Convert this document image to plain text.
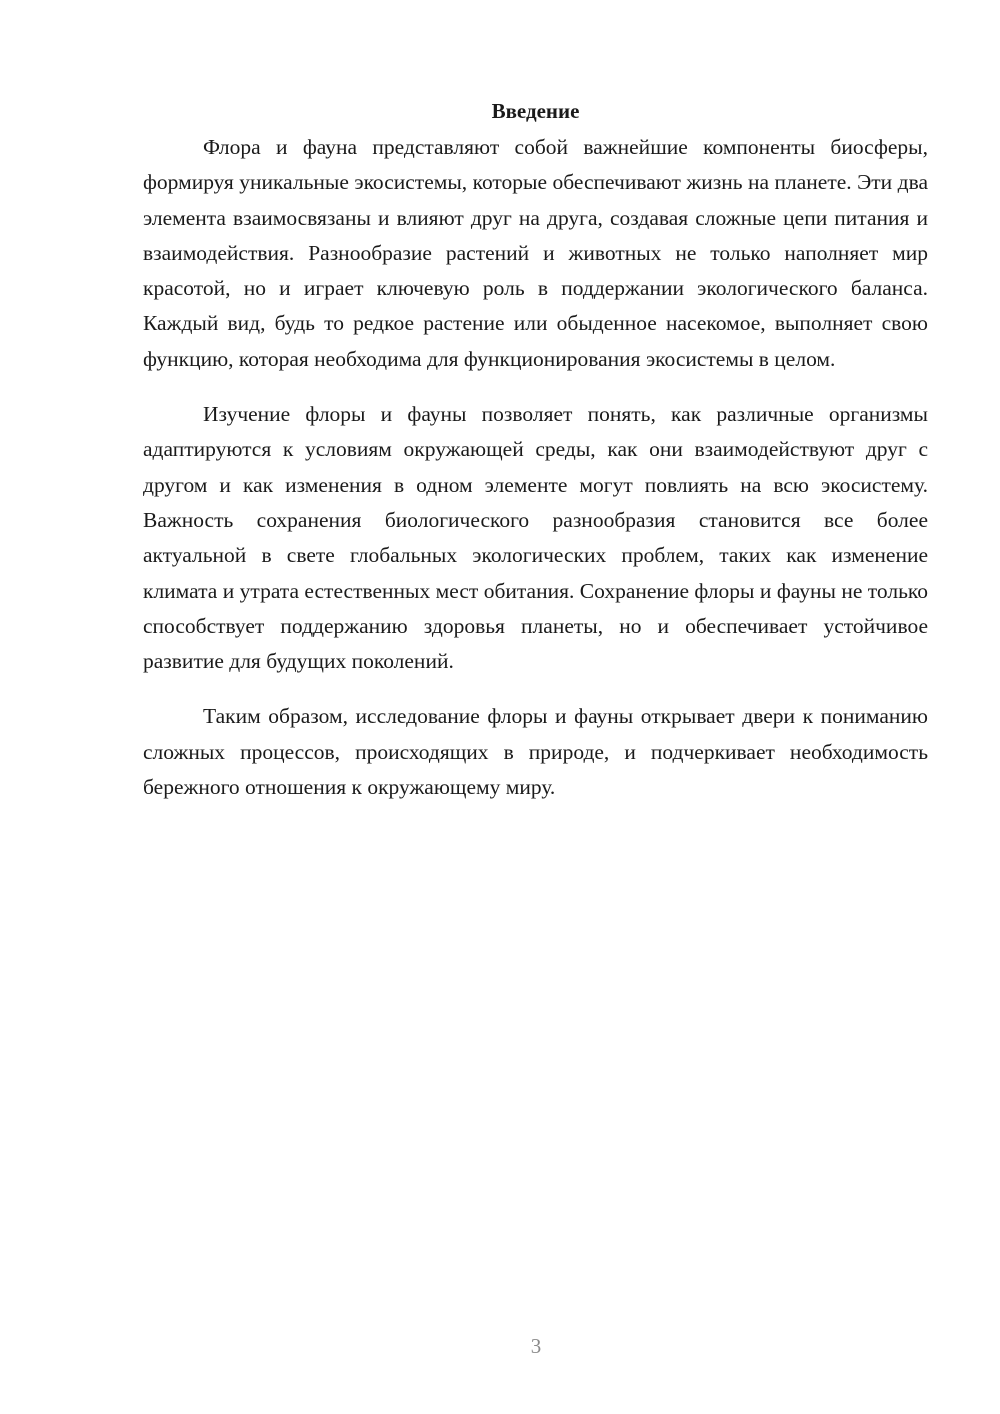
Введение

Флора и фауна представляют собой важнейшие компоненты биосферы, формируя уникальные экосистемы, которые обеспечивают жизнь на планете. Эти два элемента взаимосвязаны и влияют друг на друга, создавая сложные цепи питания и взаимодействия. Разнообразие растений и животных не только наполняет мир красотой, но и играет ключевую роль в поддержании экологического баланса. Каждый вид, будь то редкое растение или обыденное насекомое, выполняет свою функцию, которая необходима для функционирования экосистемы в целом.

Изучение флоры и фауны позволяет понять, как различные организмы адаптируются к условиям окружающей среды, как они взаимодействуют друг с другом и как изменения в одном элементе могут повлиять на всю экосистему. Важность сохранения биологического разнообразия становится все более актуальной в свете глобальных экологических проблем, таких как изменение климата и утрата естественных мест обитания. Сохранение флоры и фауны не только способствует поддержанию здоровья планеты, но и обеспечивает устойчивое развитие для будущих поколений.

Таким образом, исследование флоры и фауны открывает двери к пониманию сложных процессов, происходящих в природе, и подчеркивает необходимость бережного отношения к окружающему миру.

3
